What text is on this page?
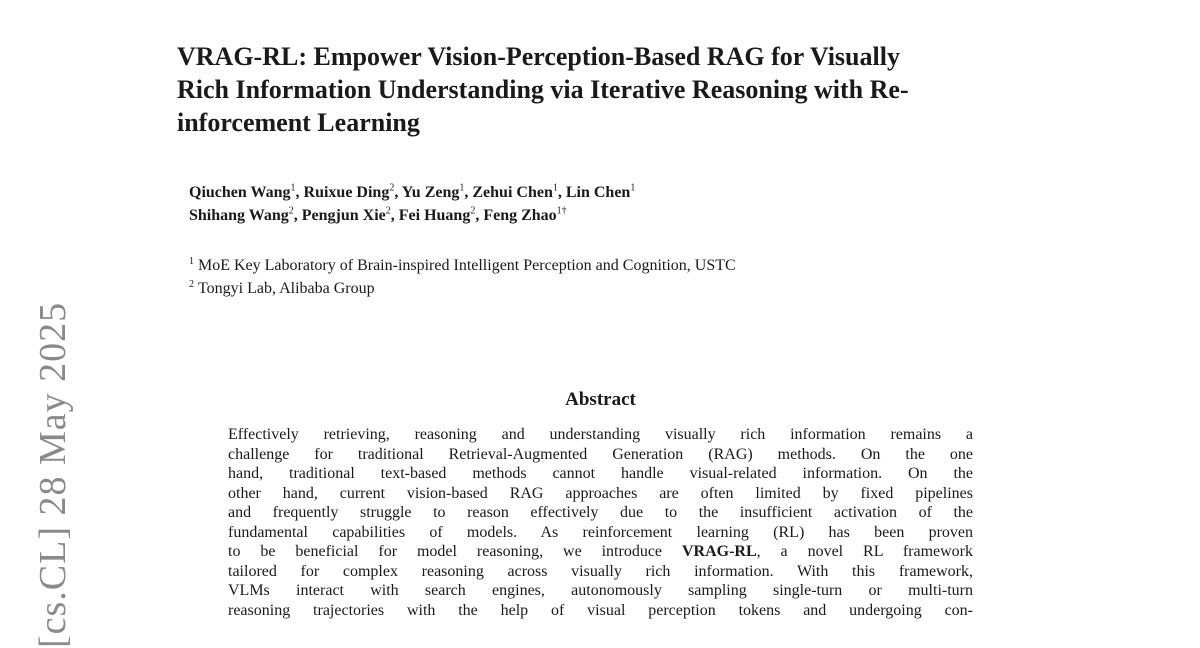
[cs.CL] 28 May 2025
VRAG-RL: Empower Vision-Perception-Based RAG for Visually
Rich Information Understanding via Iterative Reasoning with Re-
inforcement Learning
Qiuchen Wang$^1$, Ruixue Ding$^2$, Yu Zeng$^1$, Zehui Chen$^1$, Lin Chen$^1$
Shihang Wang$^2$, Pengjun Xie$^2$, Fei Huang$^2$, Feng Zhao$^{1\dagger}$
$^1$ MoE Key Laboratory of Brain-inspired Intelligent Perception and Cognition, USTC
$^2$ Tongyi Lab, Alibaba Group
Abstract
Effectively retrieving, reasoning and understanding visually rich information remains a
challenge for traditional Retrieval-Augmented Generation (RAG) methods. On the one
hand, traditional text-based methods cannot handle visual-related information. On the
other hand, current vision-based RAG approaches are often limited by fixed pipelines
and frequently struggle to reason effectively due to the insufficient activation of the
fundamental capabilities of models. As reinforcement learning (RL) has been proven
to be beneficial for model reasoning, we introduce VRAG-RL, a novel RL framework
tailored for complex reasoning across visually rich information. With this framework,
VLMs interact with search engines, autonomously sampling single-turn or multi-turn
reasoning trajectories with the help of visual perception tokens and undergoing con-
